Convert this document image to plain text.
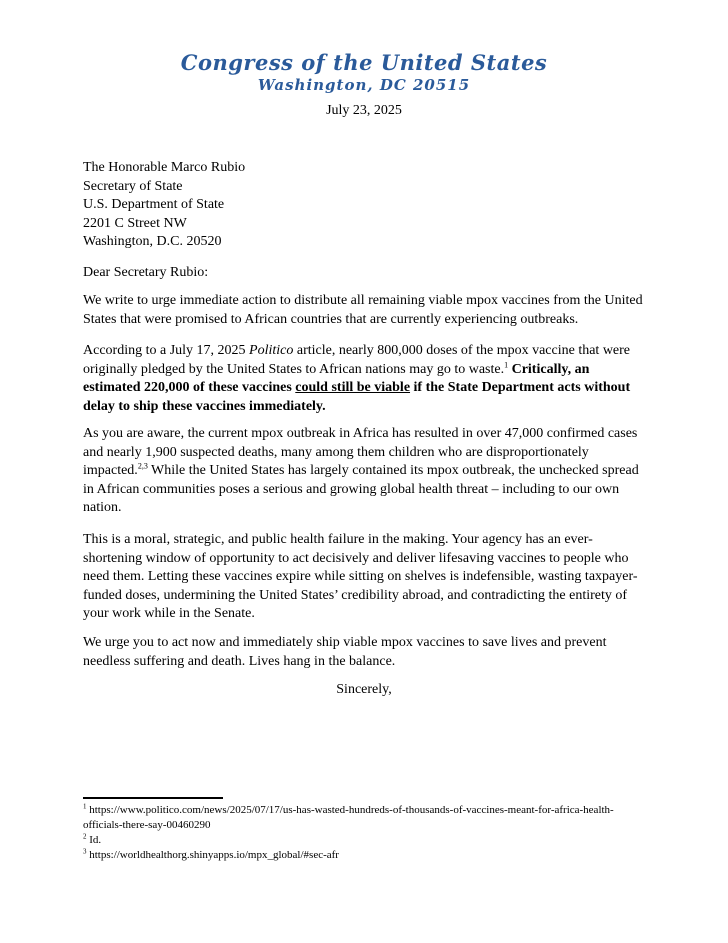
Congress of the United States
Washington, DC 20515
July 23, 2025
The Honorable Marco Rubio
Secretary of State
U.S. Department of State
2201 C Street NW
Washington, D.C. 20520
Dear Secretary Rubio:

We write to urge immediate action to distribute all remaining viable mpox vaccines from the United States that were promised to African countries that are currently experiencing outbreaks.

According to a July 17, 2025 Politico article, nearly 800,000 doses of the mpox vaccine that were originally pledged by the United States to African nations may go to waste.$^1$ Critically, an estimated 220,000 of these vaccines could still be viable if the State Department acts without delay to ship these vaccines immediately.

As you are aware, the current mpox outbreak in Africa has resulted in over 47,000 confirmed cases and nearly 1,900 suspected deaths, many among them children who are disproportionately impacted.$^{2,3}$ While the United States has largely contained its mpox outbreak, the unchecked spread in African communities poses a serious and growing global health threat – including to our own nation.

This is a moral, strategic, and public health failure in the making. Your agency has an ever-shortening window of opportunity to act decisively and deliver lifesaving vaccines to people who need them. Letting these vaccines expire while sitting on shelves is indefensible, wasting taxpayer-funded doses, undermining the United States’ credibility abroad, and contradicting the entirety of your work while in the Senate.

We urge you to act now and immediately ship viable mpox vaccines to save lives and prevent needless suffering and death. Lives hang in the balance.

Sincerely,
$^1$ https://www.politico.com/news/2025/07/17/us-has-wasted-hundreds-of-thousands-of-vaccines-meant-for-africa-health-officials-there-say-00460290
$^2$ Id.
$^3$ https://worldhealthorg.shinyapps.io/mpx_global/#sec-afr
